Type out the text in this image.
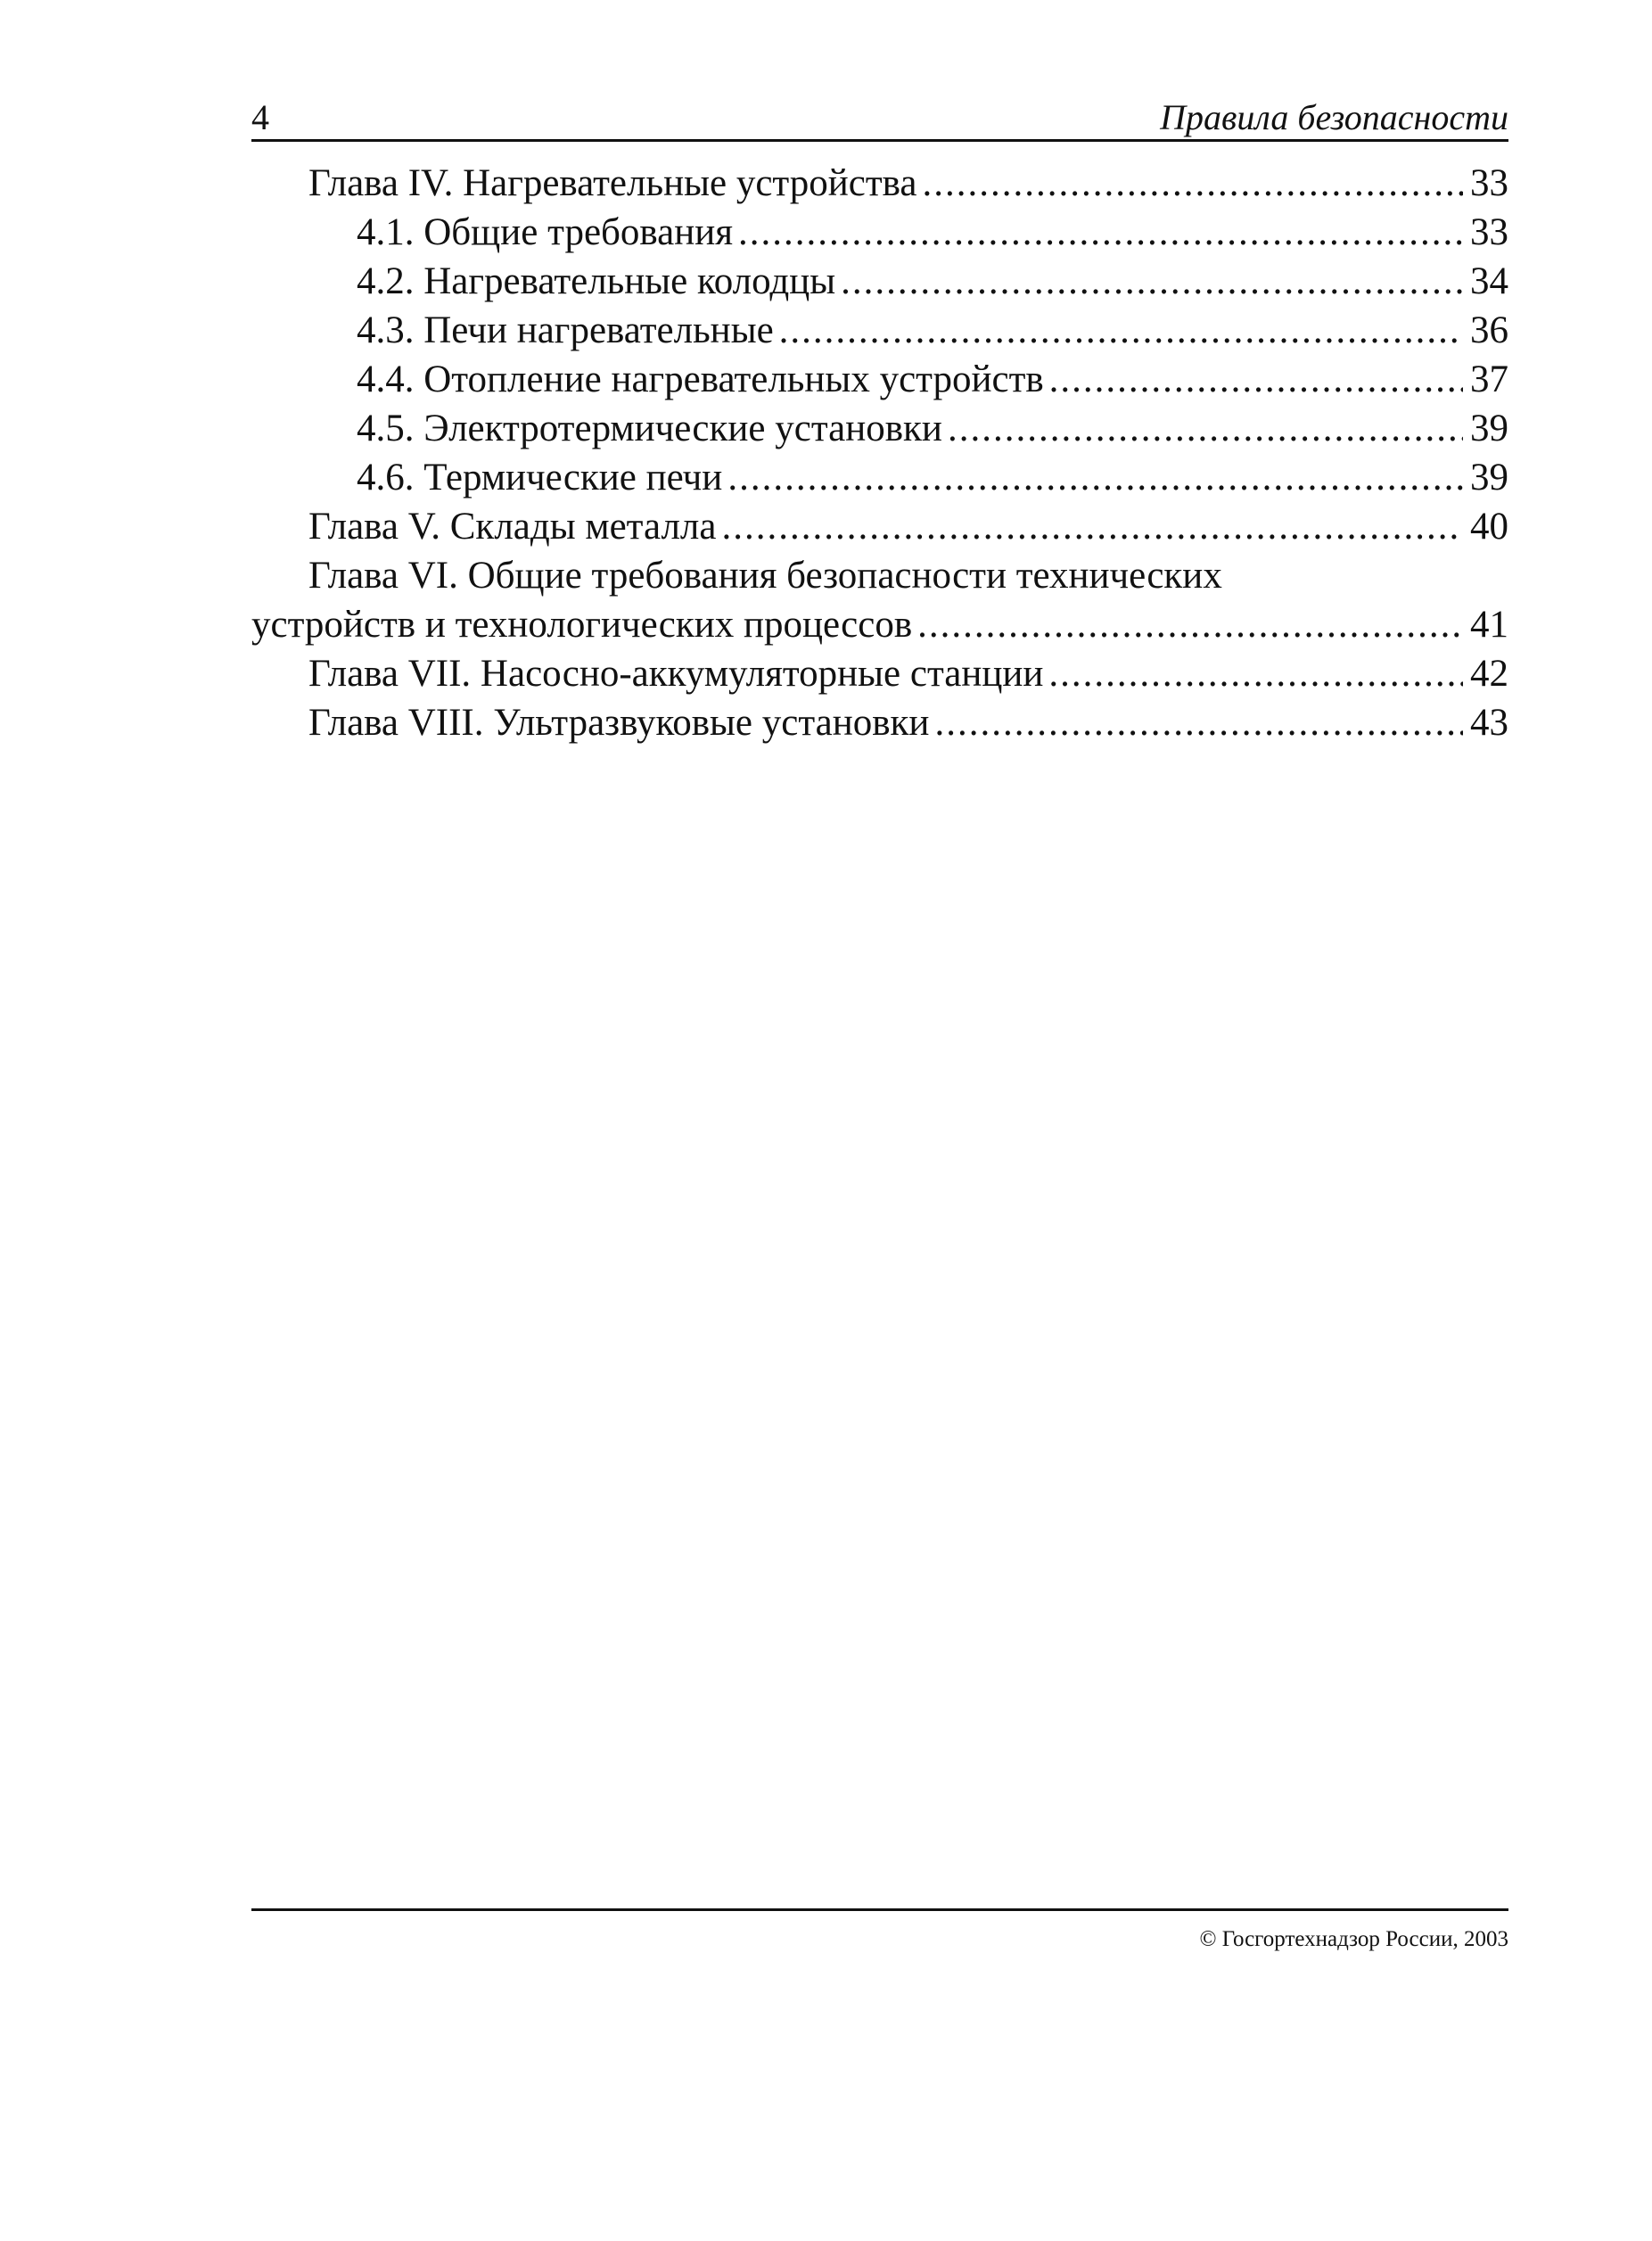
4	Правила безопасности
Глава IV. Нагревательные устройства .....	33
4.1. Общие требования .....	33
4.2. Нагревательные колодцы .....	34
4.3. Печи нагревательные .....	36
4.4. Отопление нагревательных устройств .....	37
4.5. Электротермические установки .....	39
4.6. Термические печи .....	39
Глава V. Склады металла .....	40
Глава VI. Общие требования безопасности технических
устройств и технологических процессов .....	41
Глава VII. Насосно-аккумуляторные станции .....	42
Глава VIII. Ультразвуковые установки .....	43
© Госгортехнадзор России, 2003
